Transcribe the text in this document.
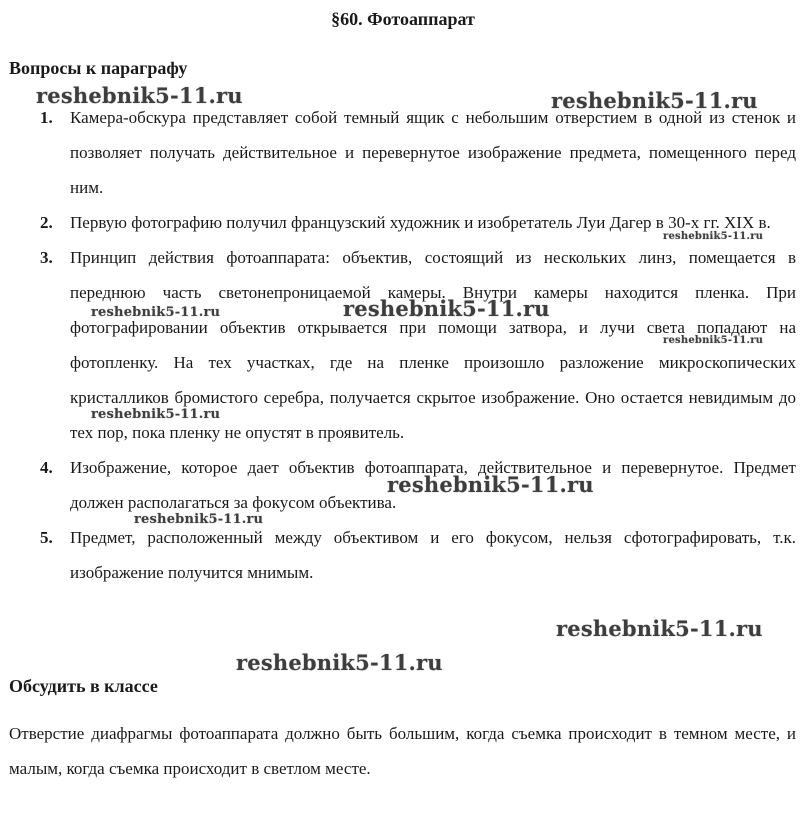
§60. Фотоаппарат
Вопросы к параграфу
1. Камера-обскура представляет собой темный ящик с небольшим отверстием в одной из стенок и позволяет получать действительное и перевернутое изображение предмета, помещенного перед ним.
2. Первую фотографию получил французский художник и изобретатель Луи Дагер в 30-х гг. XIX в.
3. Принцип действия фотоаппарата: объектив, состоящий из нескольких линз, помещается в переднюю часть светонепроницаемой камеры. Внутри камеры находится пленка. При фотографировании объектив открывается при помощи затвора, и лучи света попадают на фотопленку. На тех участках, где на пленке произошло разложение микроскопических кристалликов бромистого серебра, получается скрытое изображение. Оно остается невидимым до тех пор, пока пленку не опустят в проявитель.
4. Изображение, которое дает объектив фотоаппарата, действительное и перевернутое. Предмет должен располагаться за фокусом объектива.
5. Предмет, расположенный между объективом и его фокусом, нельзя сфотографировать, т.к. изображение получится мнимым.
Обсудить в классе

Отверстие диафрагмы фотоаппарата должно быть большим, когда съемка происходит в темном месте, и малым, когда съемка происходит в светлом месте.

reshebnik5-11.ru	reshebnik5-11.ru
reshebnik5-11.ru
reshebnik5-11.ru
reshebnik5-11.ru
reshebnik5-11.ru
reshebnik5-11.ru
reshebnik5-11.ru
reshebnik5-11.ru
reshebnik5-11.ru
reshebnik5-11.ru
